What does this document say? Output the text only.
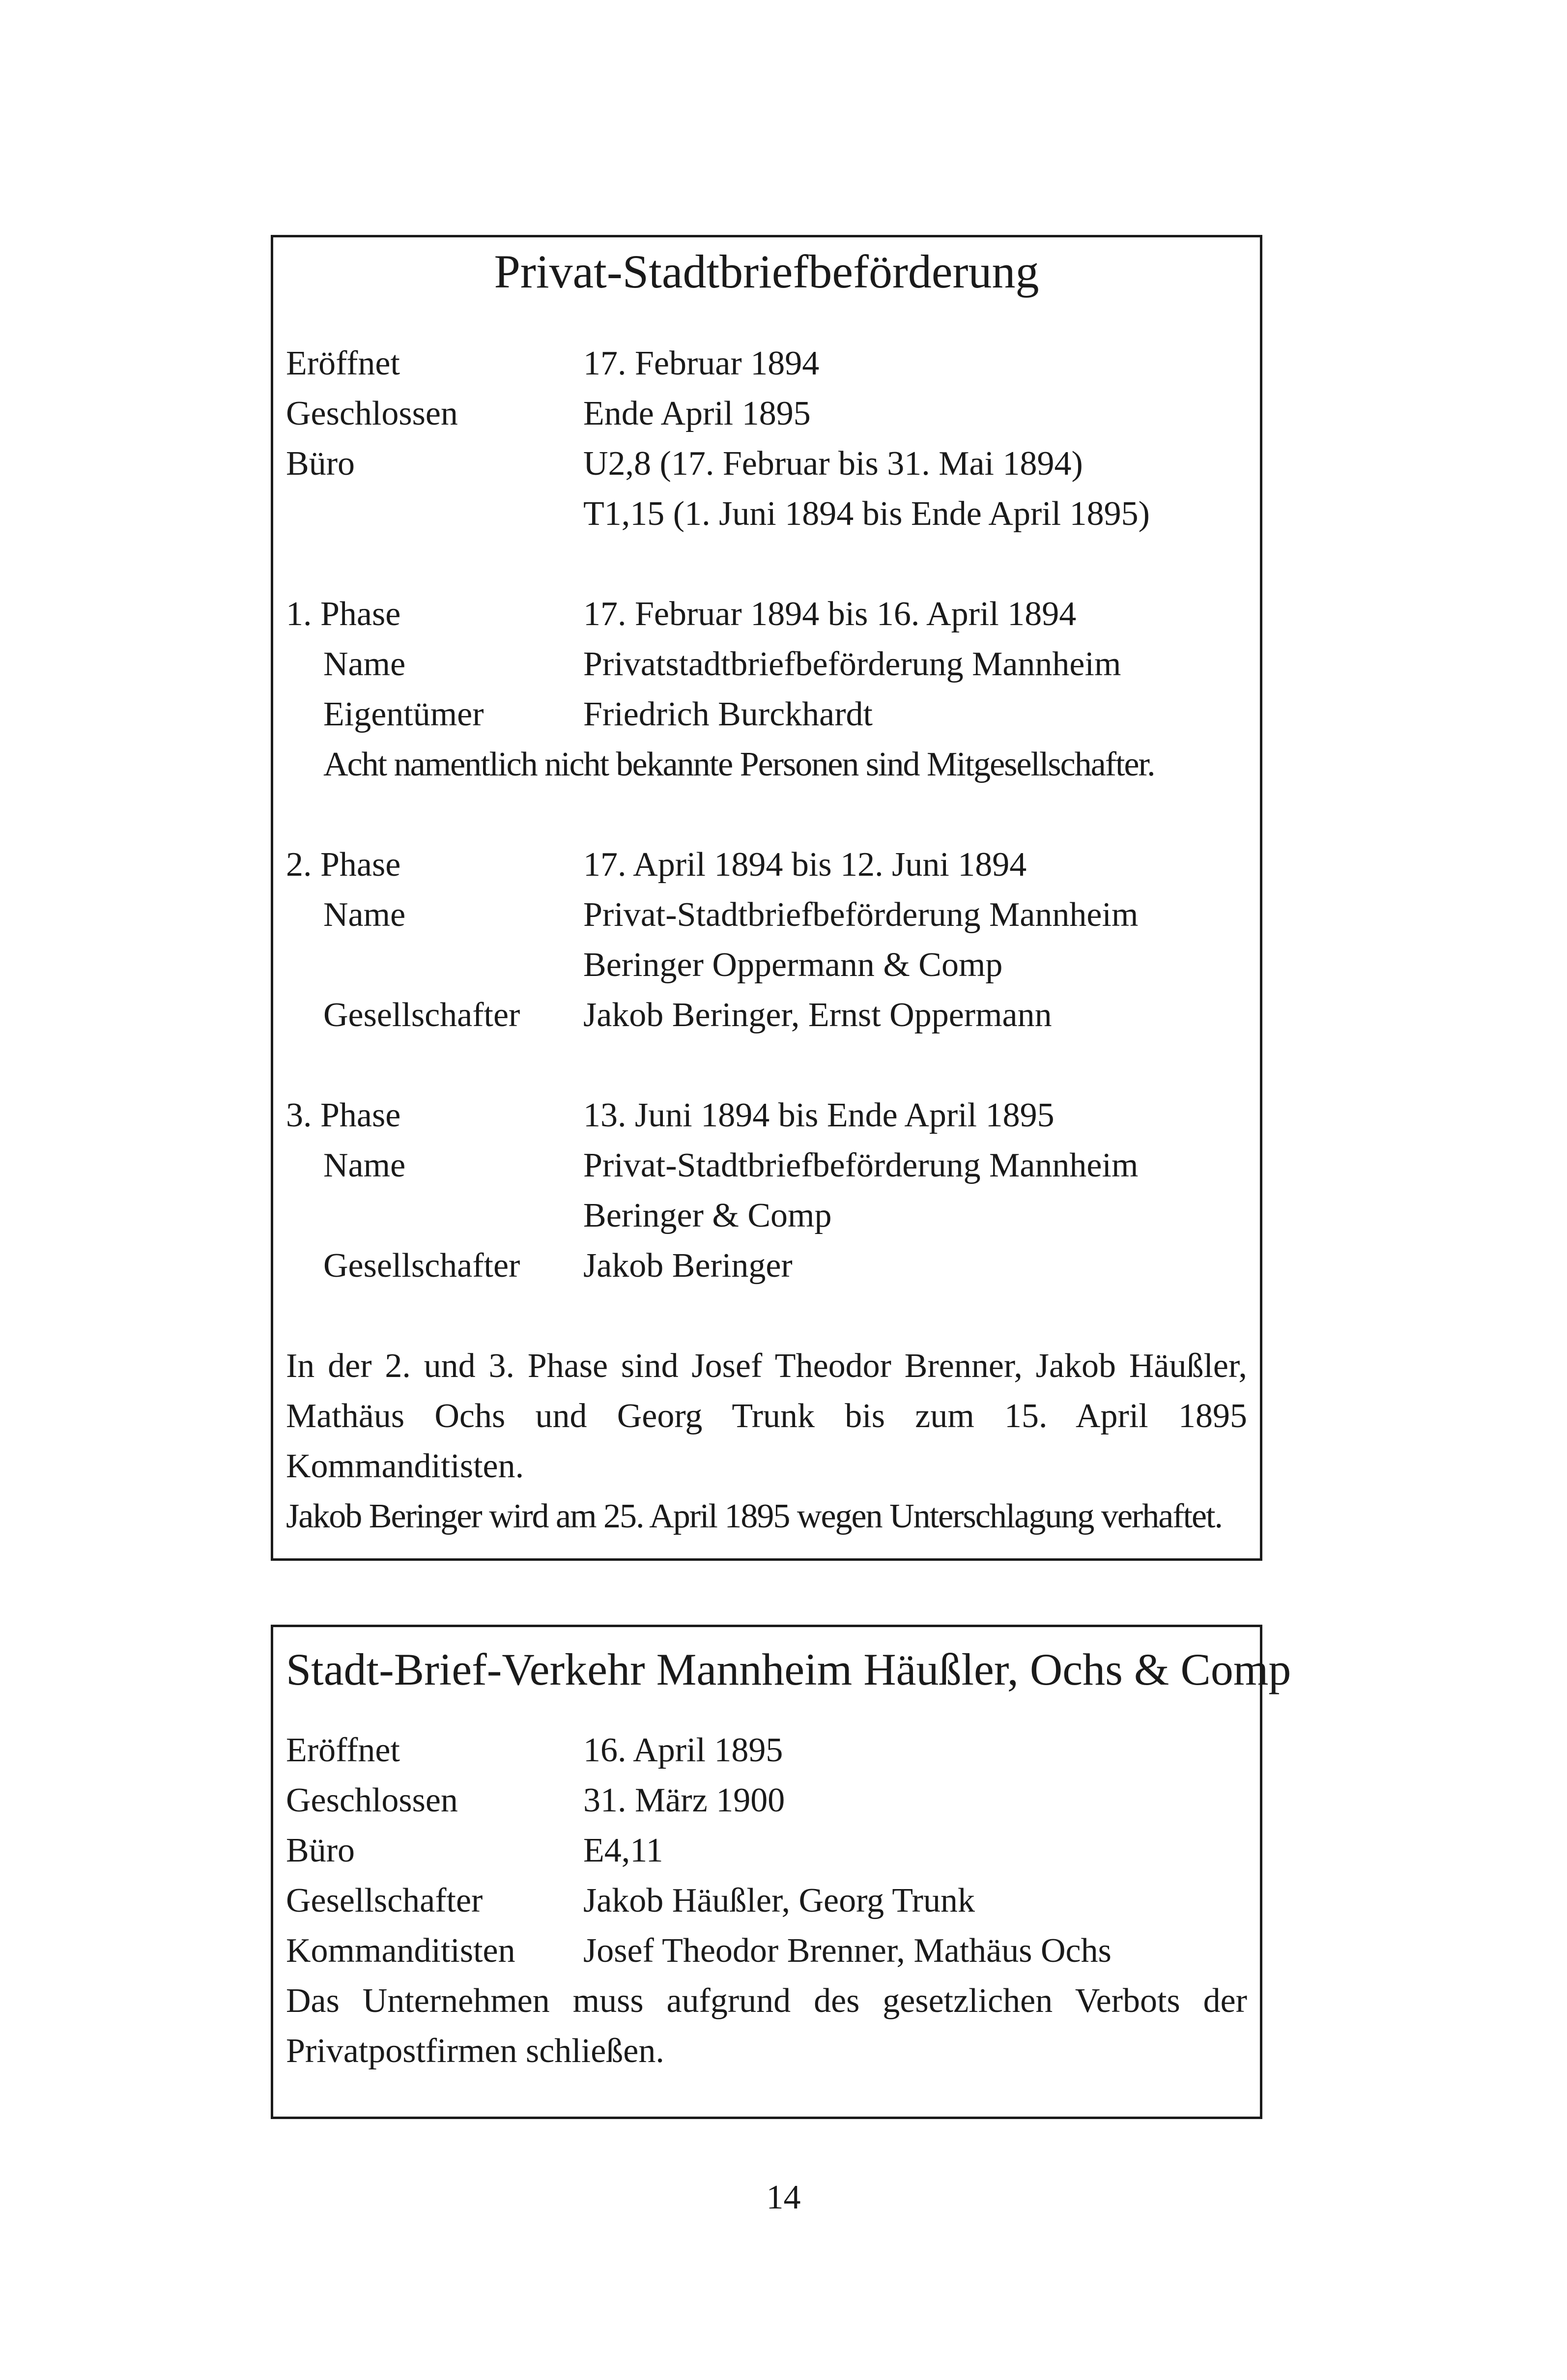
Privat-Stadtbriefbeförderung

Eröffnet	17. Februar 1894
Geschlossen	Ende April 1895
Büro	U2,8 (17. Februar bis 31. Mai 1894)
T1,15 (1. Juni 1894 bis Ende April 1895)
1. Phase	17. Februar 1894 bis 16. April 1894
Name	Privatstadtbriefbeförderung Mannheim
Eigentümer	Friedrich Burckhardt

Acht namentlich nicht bekannte Personen sind Mitgesellschafter.

2. Phase	17. April 1894 bis 12. Juni 1894
Name	Privat-Stadtbriefbeförderung Mannheim
Beringer Oppermann & Comp
Gesellschafter	Jakob Beringer, Ernst Oppermann
3. Phase	13. Juni 1894 bis Ende April 1895
Name	Privat-Stadtbriefbeförderung Mannheim
Beringer & Comp
Gesellschafter	Jakob Beringer

In der 2. und 3. Phase sind Josef Theodor Brenner, Jakob Häußler, Mathäus Ochs und Georg Trunk bis zum 15. April 1895 Kommanditisten.

Jakob Beringer wird am 25. April 1895 wegen Unterschlagung verhaftet.

Stadt-Brief-Verkehr Mannheim Häußler, Ochs & Comp

Eröffnet	16. April 1895
Geschlossen	31. März 1900
Büro	E4,11
Gesellschafter	Jakob Häußler, Georg Trunk
Kommanditisten	Josef Theodor Brenner, Mathäus Ochs

Das Unternehmen muss aufgrund des gesetzlichen Verbots der Privatpostfirmen schließen.

14
